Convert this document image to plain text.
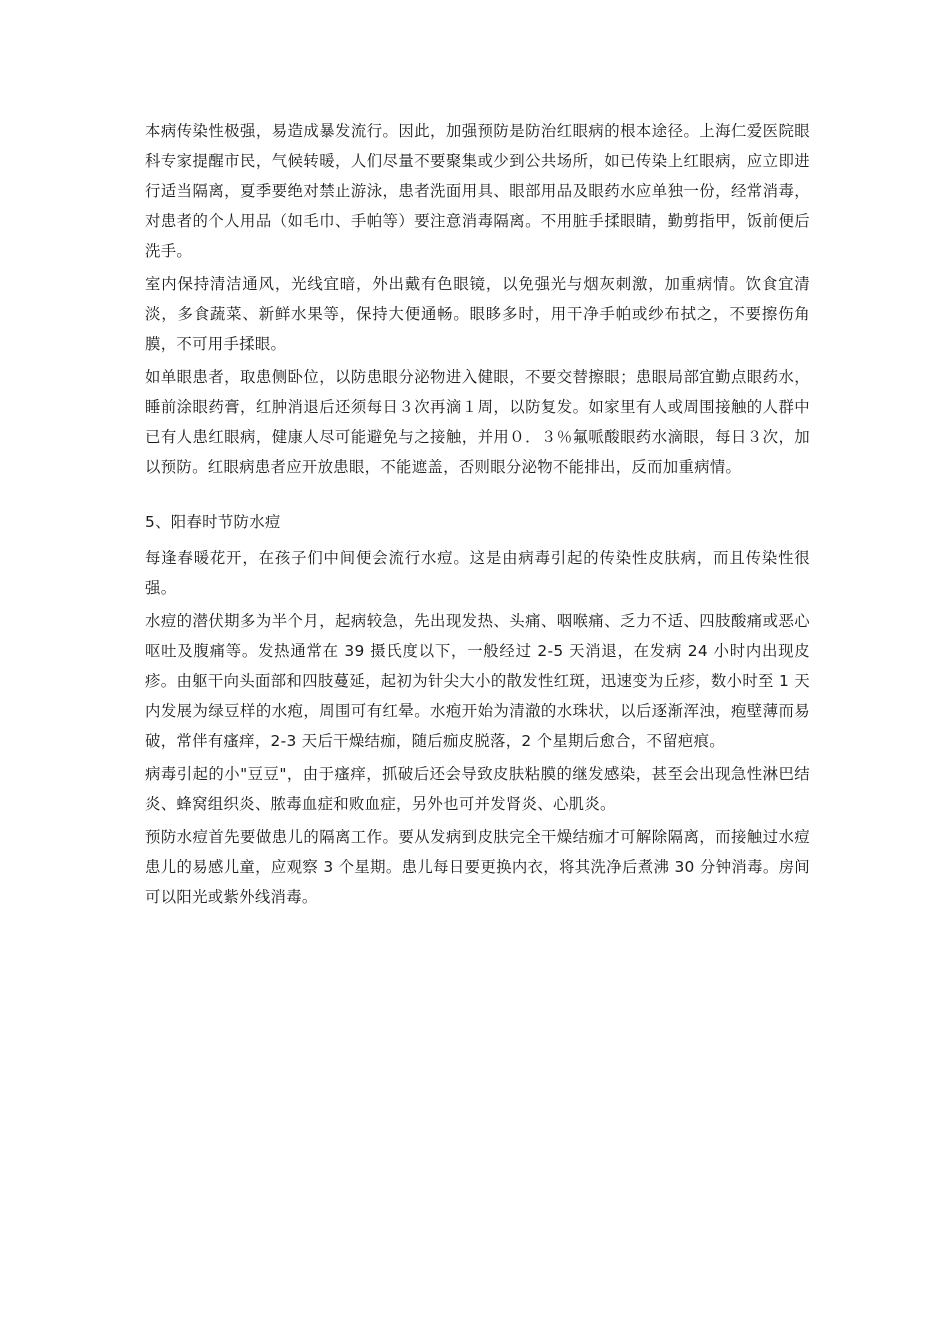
本病传染性极强，易造成暴发流行。因此，加强预防是防治红眼病的根本途径。上海仁爱医院眼科专家提醒市民，气候转暖，人们尽量不要聚集或少到公共场所，如已传染上红眼病，应立即进行适当隔离，夏季要绝对禁止游泳，患者洗面用具、眼部用品及眼药水应单独一份，经常消毒，对患者的个人用品（如毛巾、手帕等）要注意消毒隔离。不用脏手揉眼睛，勤剪指甲，饭前便后洗手。

室内保持清洁通风，光线宜暗，外出戴有色眼镜，以免强光与烟灰刺激，加重病情。饮食宜清淡，多食蔬菜、新鲜水果等，保持大便通畅。眼眵多时，用干净手帕或纱布拭之，不要擦伤角膜，不可用手揉眼。

如单眼患者，取患侧卧位，以防患眼分泌物进入健眼，不要交替擦眼；患眼局部宜勤点眼药水，睡前涂眼药膏，红肿消退后还须每日３次再滴１周，以防复发。如家里有人或周围接触的人群中已有人患红眼病，健康人尽可能避免与之接触，并用０．３％氟哌酸眼药水滴眼，每日３次，加以预防。红眼病患者应开放患眼，不能遮盖，否则眼分泌物不能排出，反而加重病情。

5、阳春时节防水痘

每逢春暖花开，在孩子们中间便会流行水痘。这是由病毒引起的传染性皮肤病，而且传染性很强。

水痘的潜伏期多为半个月，起病较急，先出现发热、头痛、咽喉痛、乏力不适、四肢酸痛或恶心呕吐及腹痛等。发热通常在 39 摄氏度以下，一般经过 2-5 天消退，在发病 24 小时内出现皮疹。由躯干向头面部和四肢蔓延，起初为针尖大小的散发性红斑，迅速变为丘疹，数小时至 1 天内发展为绿豆样的水疱，周围可有红晕。水疱开始为清澈的水珠状，以后逐渐浑浊，疱壁薄而易破，常伴有瘙痒，2-3 天后干燥结痂，随后痂皮脱落，2 个星期后愈合，不留疤痕。

病毒引起的小"豆豆"，由于瘙痒，抓破后还会导致皮肤粘膜的继发感染，甚至会出现急性淋巴结炎、蜂窝组织炎、脓毒血症和败血症，另外也可并发肾炎、心肌炎。

预防水痘首先要做患儿的隔离工作。要从发病到皮肤完全干燥结痂才可解除隔离，而接触过水痘患儿的易感儿童，应观察 3 个星期。患儿每日要更换内衣，将其洗净后煮沸 30 分钟消毒。房间可以阳光或紫外线消毒。
